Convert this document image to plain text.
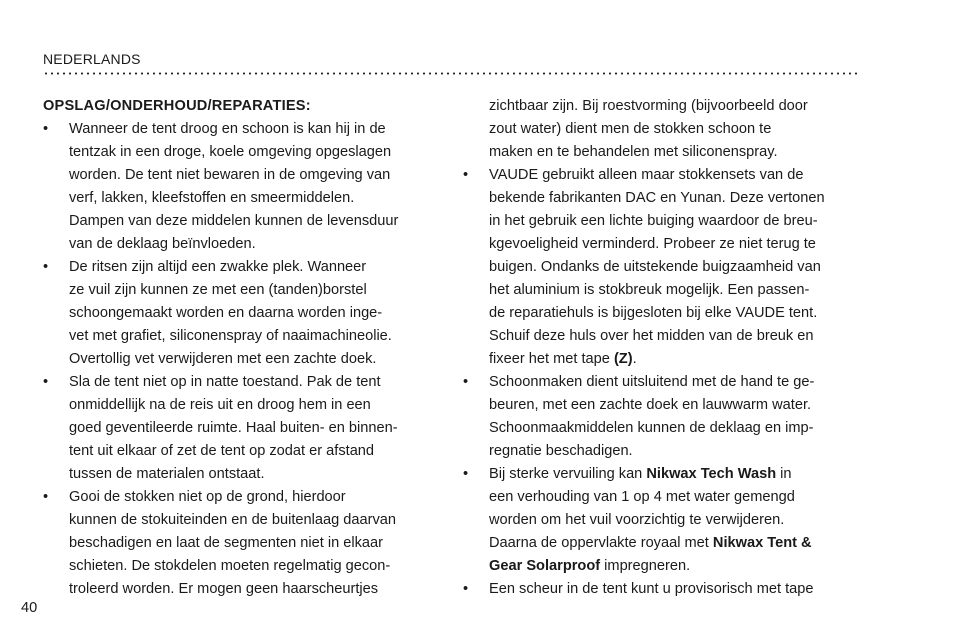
NEDERLANDS
OPSLAG/ONDERHOUD/REPARATIES:
• Wanneer de tent droog en schoon is kan hij in de
tentzak in een droge, koele omgeving opgeslagen
worden. De tent niet bewaren in de omgeving van
verf, lakken, kleefstoffen en smeermiddelen.
Dampen van deze middelen kunnen de levensduur
van de deklaag beïnvloeden.
• De ritsen zijn altijd een zwakke plek. Wanneer
ze vuil zijn kunnen ze met een (tanden)borstel
schoongemaakt worden en daarna worden inge-
vet met grafiet, siliconenspray of naaimachineolie.
Overtollig vet verwijderen met een zachte doek.
• Sla de tent niet op in natte toestand. Pak de tent
onmiddellijk na de reis uit en droog hem in een
goed geventileerde ruimte. Haal buiten- en binnen-
tent uit elkaar of zet de tent op zodat er afstand
tussen de materialen ontstaat.
• Gooi de stokken niet op de grond, hierdoor
kunnen de stokuiteinden en de buitenlaag daarvan
beschadigen en laat de segmenten niet in elkaar
schieten. De stokdelen moeten regelmatig gecon-
troleerd worden. Er mogen geen haarscheurtjes
zichtbaar zijn. Bij roestvorming (bijvoorbeeld door
zout water) dient men de stokken schoon te
maken en te behandelen met siliconenspray.
• VAUDE gebruikt alleen maar stokkensets van de
bekende fabrikanten DAC en Yunan. Deze vertonen
in het gebruik een lichte buiging waardoor de breu-
kgevoeligheid verminderd. Probeer ze niet terug te
buigen. Ondanks de uitstekende buigzaamheid van
het aluminium is stokbreuk mogelijk. Een passen-
de reparatiehuls is bijgesloten bij elke VAUDE tent.
Schuif deze huls over het midden van de breuk en
fixeer het met tape (Z).
• Schoonmaken dient uitsluitend met de hand te ge-
beuren, met een zachte doek en lauwwarm water.
Schoonmaakmiddelen kunnen de deklaag en imp-
regnatie beschadigen.
• Bij sterke vervuiling kan Nikwax Tech Wash in
een verhouding van 1 op 4 met water gemengd
worden om het vuil voorzichtig te verwijderen.
Daarna de oppervlakte royaal met Nikwax Tent &
Gear Solarproof impregneren.
• Een scheur in de tent kunt u provisorisch met tape
40
